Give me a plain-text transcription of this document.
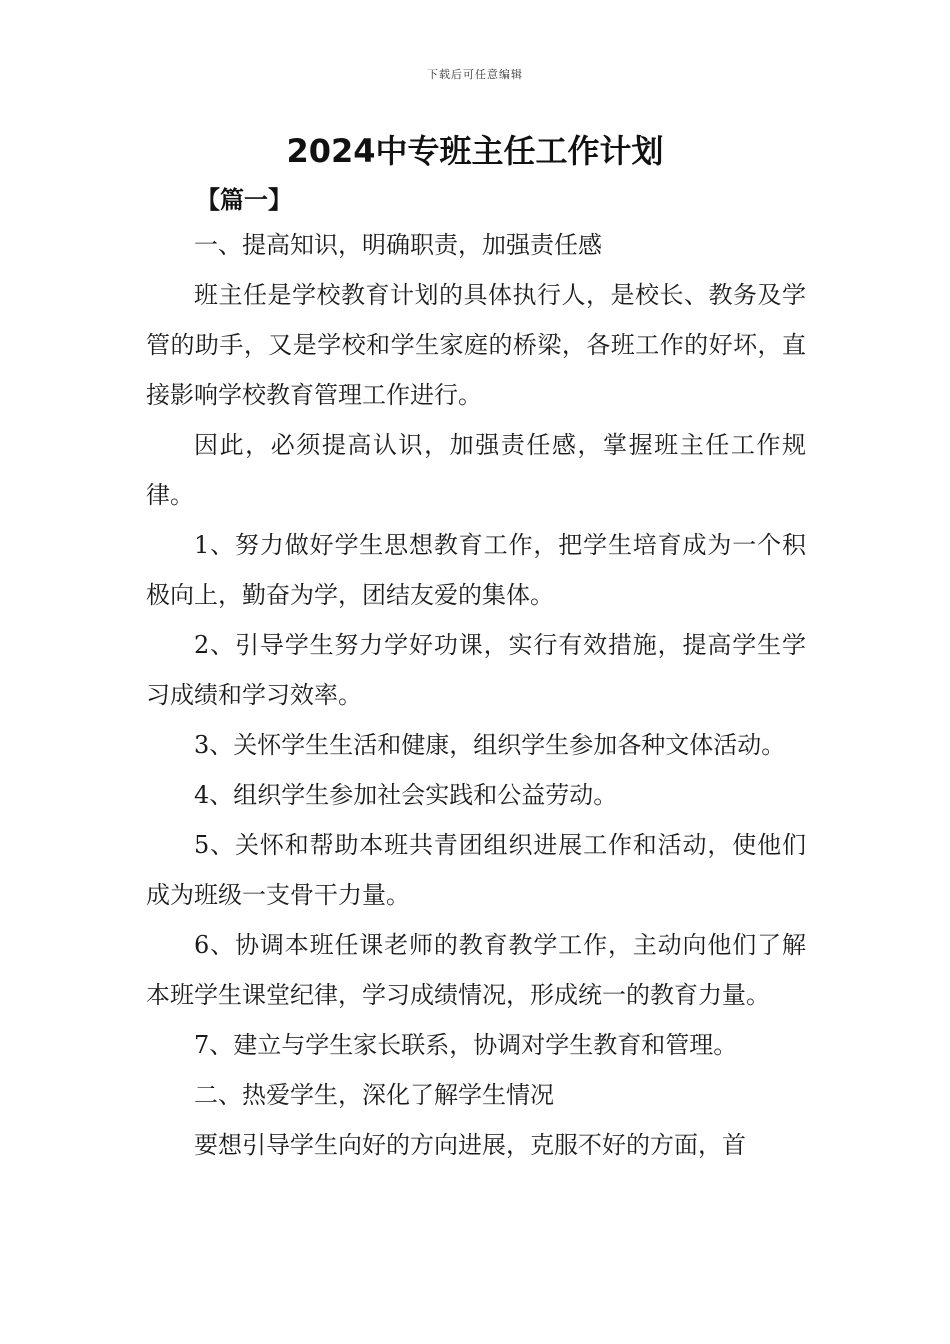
下载后可任意编辑
2024中专班主任工作计划
【篇一】

一、提高知识，明确职责，加强责任感

班主任是学校教育计划的具体执行人，是校长、教务及学管的助手，又是学校和学生家庭的桥梁，各班工作的好坏，直接影响学校教育管理工作进行。

因此，必须提高认识，加强责任感，掌握班主任工作规律。

1、努力做好学生思想教育工作，把学生培育成为一个积极向上，勤奋为学，团结友爱的集体。

2、引导学生努力学好功课，实行有效措施，提高学生学习成绩和学习效率。

3、关怀学生生活和健康，组织学生参加各种文体活动。

4、组织学生参加社会实践和公益劳动。

5、关怀和帮助本班共青团组织进展工作和活动，使他们成为班级一支骨干力量。

6、协调本班任课老师的教育教学工作，主动向他们了解本班学生课堂纪律，学习成绩情况，形成统一的教育力量。

7、建立与学生家长联系，协调对学生教育和管理。

二、热爱学生，深化了解学生情况

要想引导学生向好的方向进展，克服不好的方面，首
